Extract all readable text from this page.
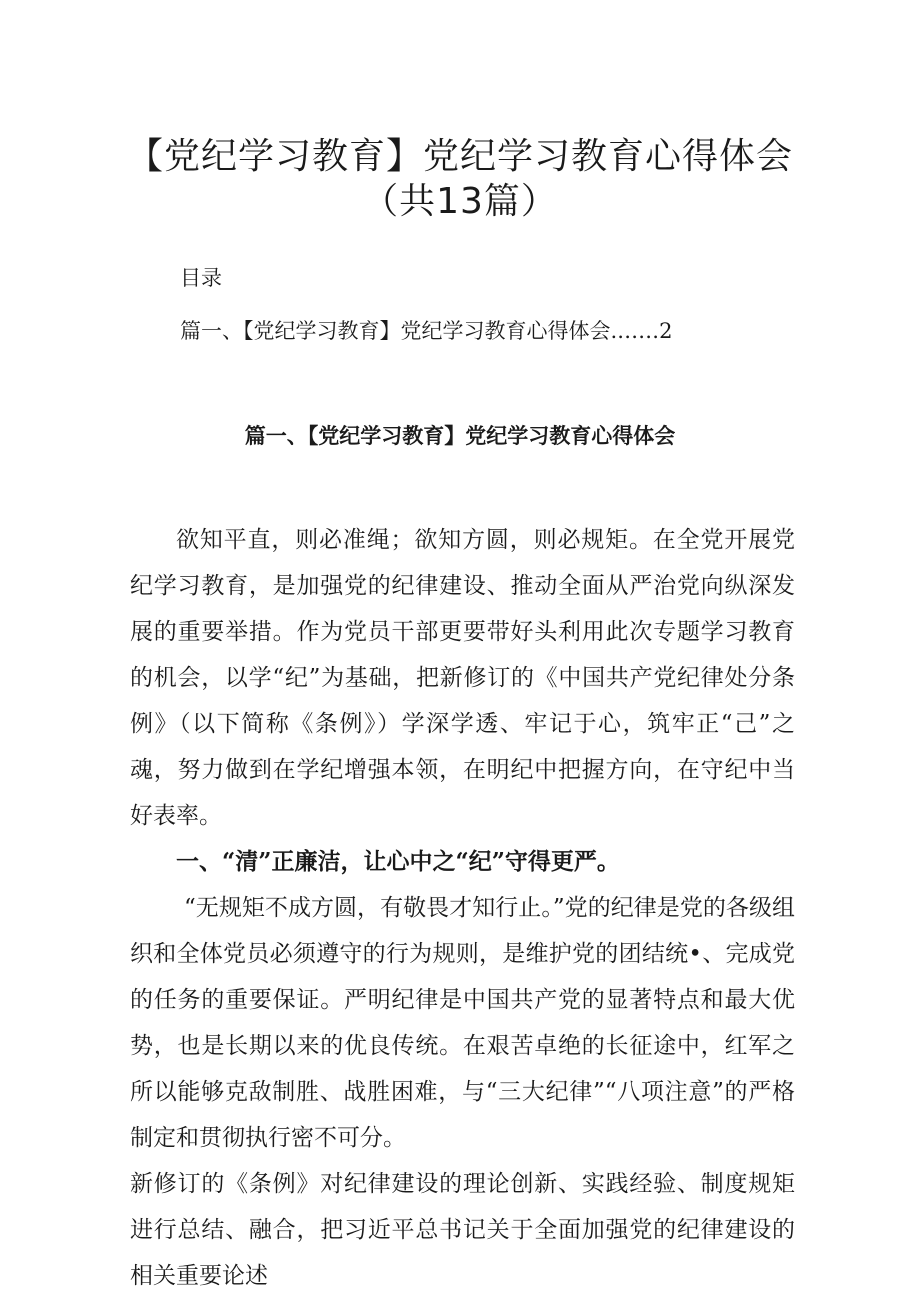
【党纪学习教育】党纪学习教育心得体会
（共13篇）
目录
篇一、【党纪学习教育】党纪学习教育心得体会.……2
篇一、【党纪学习教育】党纪学习教育心得体会

欲知平直，则必准绳；欲知方圆，则必规矩。在全党开展党纪学习教育，是加强党的纪律建设、推动全面从严治党向纵深发展的重要举措。作为党员干部更要带好头利用此次专题学习教育的机会，以学“纪”为基础，把新修订的《中国共产党纪律处分条例》（以下简称《条例》）学深学透、牢记于心，筑牢正“己”之魂，努力做到在学纪增强本领，在明纪中把握方向，在守纪中当好表率。

一、“清”正廉洁，让心中之“纪”守得更严。

“无规矩不成方圆，有敬畏才知行止。”党的纪律是党的各级组织和全体党员必须遵守的行为规则，是维护党的团结统•、完成党的任务的重要保证。严明纪律是中国共产党的显著特点和最大优势，也是长期以来的优良传统。在艰苦卓绝的长征途中，红军之所以能够克敌制胜、战胜困难，与“三大纪律”“八项注意”的严格制定和贯彻执行密不可分。

新修订的《条例》对纪律建设的理论创新、实践经验、制度规矩进行总结、融合，把习近平总书记关于全面加强党的纪律建设的相关重要论述
